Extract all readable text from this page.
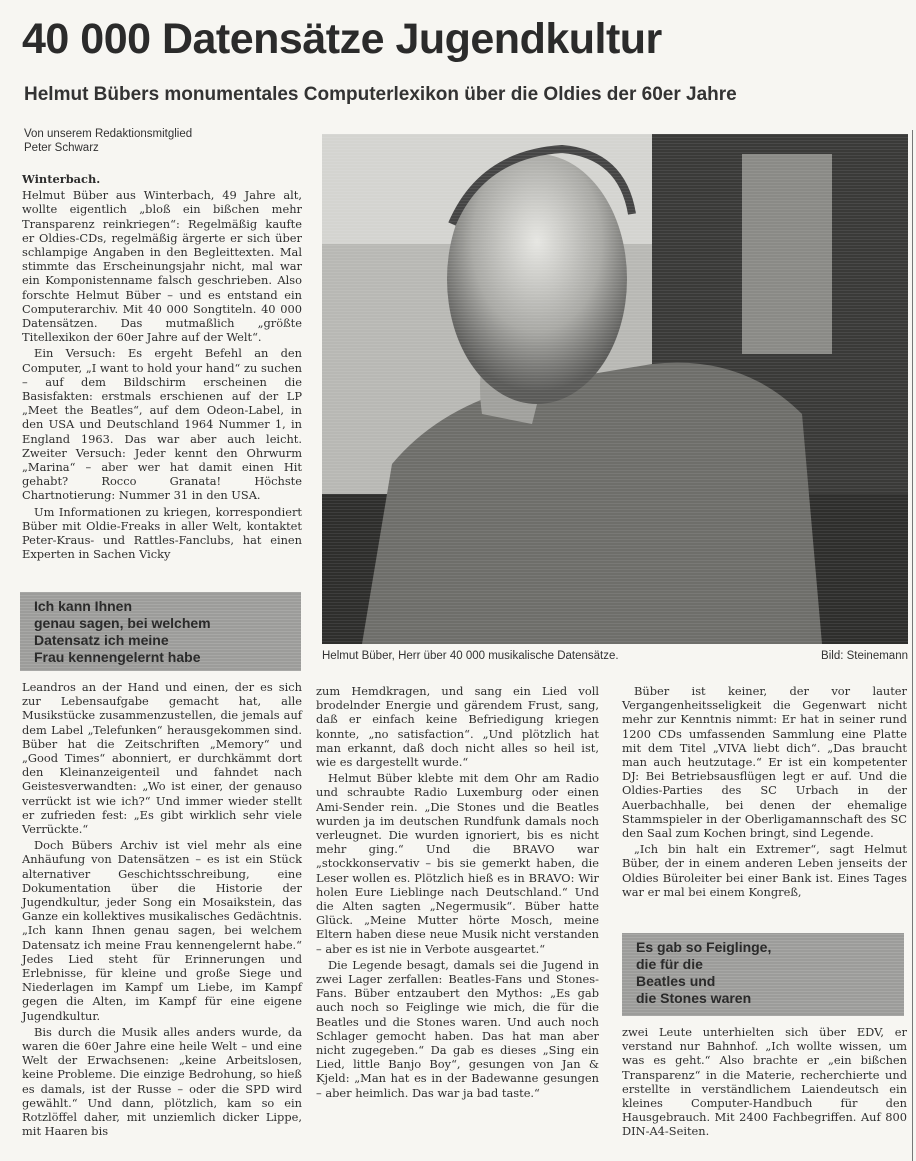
40 000 Datensätze Jugendkultur
Helmut Bübers monumentales Computerlexikon über die Oldies der 60er Jahre
Von unserem Redaktionsmitglied
Peter Schwarz

Winterbach.

Helmut Büber aus Winterbach, 49 Jahre alt, wollte eigentlich „bloß ein bißchen mehr Transparenz reinkriegen“: Regelmäßig kaufte er Oldies-CDs, regelmäßig ärgerte er sich über schlampige Angaben in den Begleittexten. Mal stimmte das Erscheinungsjahr nicht, mal war ein Komponistenname falsch geschrieben. Also forschte Helmut Büber – und es entstand ein Computerarchiv. Mit 40 000 Songtiteln. 40 000 Datensätzen. Das mutmaßlich „größte Titellexikon der 60er Jahre auf der Welt“.

Ein Versuch: Es ergeht Befehl an den Computer, „I want to hold your hand“ zu suchen – auf dem Bildschirm erscheinen die Basisfakten: erstmals erschienen auf der LP „Meet the Beatles“, auf dem Odeon-Label, in den USA und Deutschland 1964 Nummer 1, in England 1963. Das war aber auch leicht. Zweiter Versuch: Jeder kennt den Ohrwurm „Marina“ – aber wer hat damit einen Hit gehabt? Rocco Granata! Höchste Chartnotierung: Nummer 31 in den USA.

Um Informationen zu kriegen, korrespondiert Büber mit Oldie-Freaks in aller Welt, kontaktet Peter-Kraus- und Rattles-Fanclubs, hat einen Experten in Sachen Vicky

Ich kann Ihnen
genau sagen, bei welchem
Datensatz ich meine
Frau kennengelernt habe

Leandros an der Hand und einen, der es sich zur Lebensaufgabe gemacht hat, alle Musikstücke zusammenzustellen, die jemals auf dem Label „Telefunken“ herausgekommen sind. Büber hat die Zeitschriften „Memory“ und „Good Times“ abonniert, er durchkämmt dort den Kleinanzeigenteil und fahndet nach Geistesverwandten: „Wo ist einer, der genauso verrückt ist wie ich?“ Und immer wieder stellt er zufrieden fest: „Es gibt wirklich sehr viele Verrückte.“

Doch Bübers Archiv ist viel mehr als eine Anhäufung von Datensätzen – es ist ein Stück alternativer Geschichtsschreibung, eine Dokumentation über die Historie der Jugendkultur, jeder Song ein Mosaikstein, das Ganze ein kollektives musikalisches Gedächtnis. „Ich kann Ihnen genau sagen, bei welchem Datensatz ich meine Frau kennengelernt habe.“ Jedes Lied steht für Erinnerungen und Erlebnisse, für kleine und große Siege und Niederlagen im Kampf um Liebe, im Kampf gegen die Alten, im Kampf für eine eigene Jugendkultur.

Bis durch die Musik alles anders wurde, da waren die 60er Jahre eine heile Welt – und eine Welt der Erwachsenen: „keine Arbeitslosen, keine Probleme. Die einzige Bedrohung, so hieß es damals, ist der Russe – oder die SPD wird gewählt.“ Und dann, plötzlich, kam so ein Rotzlöffel daher, mit unziemlich dicker Lippe, mit Haaren bis

Helmut Büber, Herr über 40 000 musikalische Datensätze.	Bild: Steinemann

zum Hemdkragen, und sang ein Lied voll brodelnder Energie und gärendem Frust, sang, daß er einfach keine Befriedigung kriegen konnte, „no satisfaction“. „Und plötzlich hat man erkannt, daß doch nicht alles so heil ist, wie es dargestellt wurde.“

Helmut Büber klebte mit dem Ohr am Radio und schraubte Radio Luxemburg oder einen Ami-Sender rein. „Die Stones und die Beatles wurden ja im deutschen Rundfunk damals noch verleugnet. Die wurden ignoriert, bis es nicht mehr ging.“ Und die BRAVO war „stockkonservativ – bis sie gemerkt haben, die Leser wollen es. Plötzlich hieß es in BRAVO: Wir holen Eure Lieblinge nach Deutschland.“ Und die Alten sagten „Negermusik“. Büber hatte Glück. „Meine Mutter hörte Mosch, meine Eltern haben diese neue Musik nicht verstanden – aber es ist nie in Verbote ausgeartet.“

Die Legende besagt, damals sei die Jugend in zwei Lager zerfallen: Beatles-Fans und Stones-Fans. Büber entzaubert den Mythos: „Es gab auch noch so Feiglinge wie mich, die für die Beatles und die Stones waren. Und auch noch Schlager gemocht haben. Das hat man aber nicht zugegeben.“ Da gab es dieses „Sing ein Lied, little Banjo Boy“, gesungen von Jan & Kjeld: „Man hat es in der Badewanne gesungen – aber heimlich. Das war ja bad taste.“

Büber ist keiner, der vor lauter Vergangenheitsseligkeit die Gegenwart nicht mehr zur Kenntnis nimmt: Er hat in seiner rund 1200 CDs umfassenden Sammlung eine Platte mit dem Titel „VIVA liebt dich“. „Das braucht man auch heutzutage.“ Er ist ein kompetenter DJ: Bei Betriebsausflügen legt er auf. Und die Oldies-Parties des SC Urbach in der Auerbachhalle, bei denen der ehemalige Stammspieler in der Oberligamannschaft des SC den Saal zum Kochen bringt, sind Legende.

„Ich bin halt ein Extremer“, sagt Helmut Büber, der in einem anderen Leben jenseits der Oldies Büroleiter bei einer Bank ist. Eines Tages war er mal bei einem Kongreß,

Es gab so Feiglinge,
die für die
Beatles und
die Stones waren

zwei Leute unterhielten sich über EDV, er verstand nur Bahnhof. „Ich wollte wissen, um was es geht.“ Also brachte er „ein bißchen Transparenz“ in die Materie, recherchierte und erstellte in verständlichem Laiendeutsch ein kleines Computer-Handbuch für den Hausgebrauch. Mit 2400 Fachbegriffen. Auf 800 DIN-A4-Seiten.
